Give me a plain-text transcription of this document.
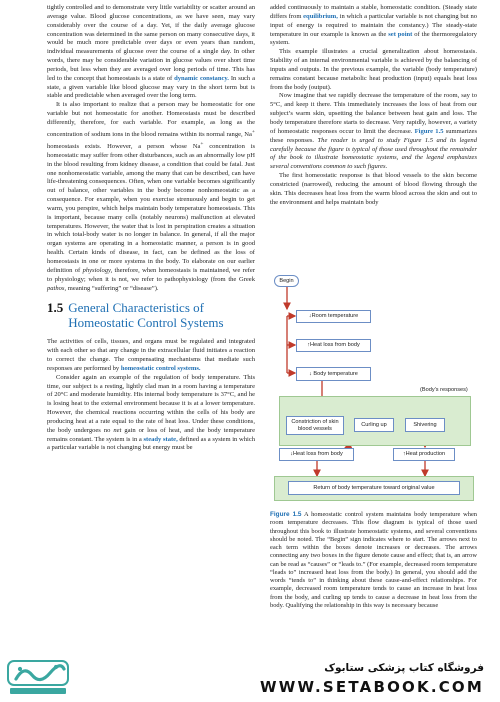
tightly controlled and to demonstrate very little variability or scatter around an average value. Blood glucose concentrations, as we have seen, may vary considerably over the course of a day. Yet, if the daily average glucose concentration was determined in the same person on many consecutive days, it would be much more predictable over days or even years than random, individual measurements of glucose over the course of a single day. In other words, there may be considerable variation in glucose values over short time periods, but less when they are averaged over long periods of time. This has led to the concept that homeostasis is a state of dynamic constancy. In such a state, a given variable like blood glucose may vary in the short term but is stable and predictable when averaged over the long term.

It is also important to realize that a person may be homeostatic for one variable but not homeostatic for another. Homeostasis must be described differently, therefore, for each variable. For example, as long as the concentration of sodium ions in the blood remains within its normal range, Na+ homeostasis exists. However, a person whose Na+ concentration is homeostatic may suffer from other disturbances, such as an abnormally low pH in the blood resulting from kidney disease, a condition that could be fatal. Just one nonhomeostatic variable, among the many that can be described, can have life-threatening consequences. Often, when one variable becomes significantly out of balance, other variables in the body become nonhomeostatic as a consequence. For example, when you exercise strenuously and begin to get warm, you perspire, which helps maintain body temperature homeostasis. This is important, because many cells (notably neurons) malfunction at elevated temperatures. However, the water that is lost in perspiration creates a situation in which total-body water is no longer in balance. In general, if all the major organ systems are operating in a homeostatic manner, a person is in good health. Certain kinds of disease, in fact, can be defined as the loss of homeostasis in one or more systems in the body. To elaborate on our earlier definition of physiology, therefore, when homeostasis is maintained, we refer to physiology; when it is not, we refer to pathophysiology (from the Greek pathos, meaning “suffering” or “disease”).

1.5 General Characteristics of
Homeostatic Control Systems

The activities of cells, tissues, and organs must be regulated and integrated with each other so that any change in the extracellular fluid initiates a reaction to correct the change. The compensating mechanisms that mediate such responses are performed by homeostatic control systems.

Consider again an example of the regulation of body temperature. This time, our subject is a resting, lightly clad man in a room having a temperature of 20°C and moderate humidity. His internal body temperature is 37°C, and he is losing heat to the external environment because it is at a lower temperature. However, the chemical reactions occurring within the cells of his body are producing heat at a rate equal to the rate of heat loss. Under these conditions, the body undergoes no net gain or loss of heat, and the body temperature remains constant. The system is in a steady state, defined as a system in which a particular variable is not changing but energy must be

added continuously to maintain a stable, homeostatic condition. (Steady state differs from equilibrium, in which a particular variable is not changing but no input of energy is required to maintain the constancy.) The steady-state temperature in our example is known as the set point of the thermoregulatory system.

This example illustrates a crucial generalization about homeostasis. Stability of an internal environmental variable is achieved by the balancing of inputs and outputs. In the previous example, the variable (body temperature) remains constant because metabolic heat production (input) equals heat loss from the body (output).

Now imagine that we rapidly decrease the temperature of the room, say to 5°C, and keep it there. This immediately increases the loss of heat from our subject’s warm skin, upsetting the balance between heat gain and loss. The body temperature therefore starts to decrease. Very rapidly, however, a variety of homeostatic responses occur to limit the decrease. Figure 1.5 summarizes these responses. The reader is urged to study Figure 1.5 and its legend carefully because the figure is typical of those used throughout the remainder of the book to illustrate homeostatic systems, and the legend emphasizes several conventions common to such figures.

The first homeostatic response is that blood vessels to the skin become constricted (narrowed), reducing the amount of blood flowing through the skin. This decreases heat loss from the warm blood across the skin and out to the environment and helps maintain body

Begin
↓Room temperature
↑Heat loss from body
↓ Body temperature
(Body’s responses)
Constriction of skin blood vessels
Curling up	Shivering
↓Heat loss from body	↑Heat production
Return of body temperature toward original value
Figure 1.5 A homeostatic control system maintains body temperature when room temperature decreases. This flow diagram is typical of those used throughout this book to illustrate homeostatic systems, and several conventions should be noted. The “Begin” sign indicates where to start. The arrows next to each term within the boxes denote increases or decreases. The arrows connecting any two boxes in the figure denote cause and effect; that is, an arrow can be read as “causes” or “leads to.” (For example, decreased room temperature “leads to” increased heat loss from the body.) In general, you should add the words “tends to” in thinking about these cause-and-effect relationships. For example, decreased room temperature tends to cause an increase in heat loss from the body, and curling up tends to cause a decrease in heat loss from the body. Qualifying the relationship in this way is necessary because
فروشگاه کتاب پزشکی ستابوک
WWW.SETABOOK.COM
